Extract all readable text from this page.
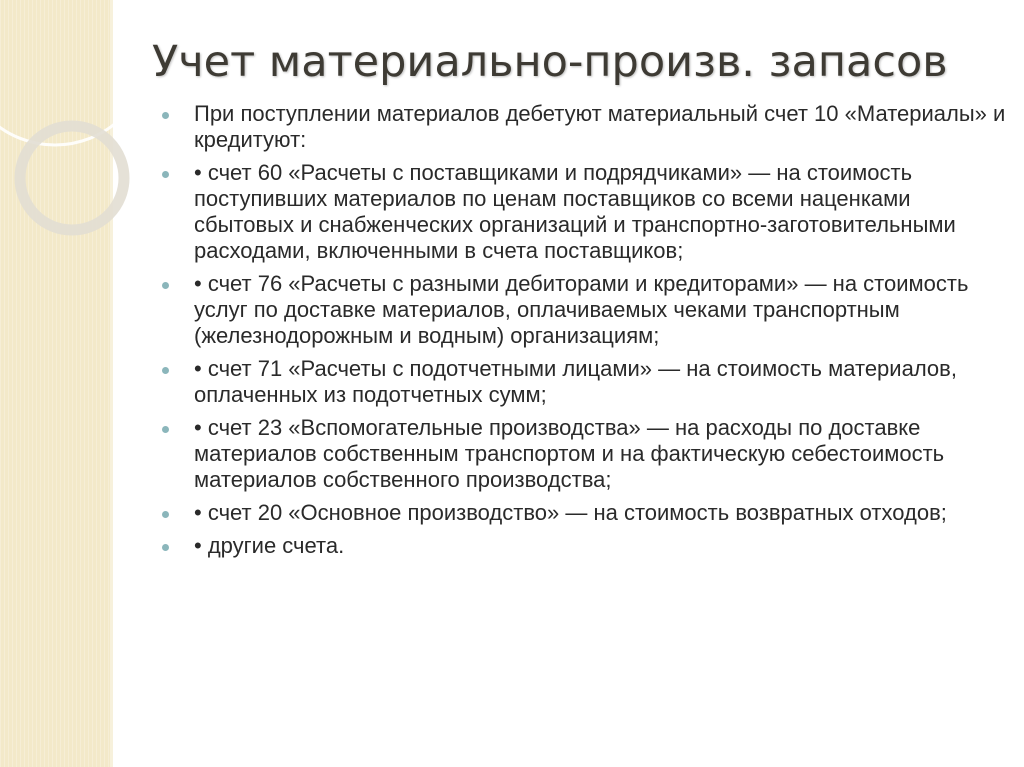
Учет материально-произв. запасов
При поступлении материалов дебетуют материальный счет 10 «Материалы» и кредитуют:
• счет 60 «Расчеты с поставщиками и подрядчиками» — на стоимость поступивших материалов по ценам поставщиков со всеми наценками сбытовых и снабженческих организаций и транспортно-заготовительными расходами, включенными в счета поставщиков;
• счет 76 «Расчеты с разными дебиторами и кредиторами» — на стоимость услуг по доставке материалов, оплачиваемых чеками транспортным (железнодорожным и водным) организациям;
• счет 71 «Расчеты с подотчетными лицами» — на стоимость материалов, оплаченных из подотчетных сумм;
• счет 23 «Вспомогательные производства» — на расходы по доставке материалов собственным транспортом и на фактическую себестоимость материалов собственного производства;
• счет 20 «Основное производство» — на стоимость возвратных отходов;
• другие счета.
